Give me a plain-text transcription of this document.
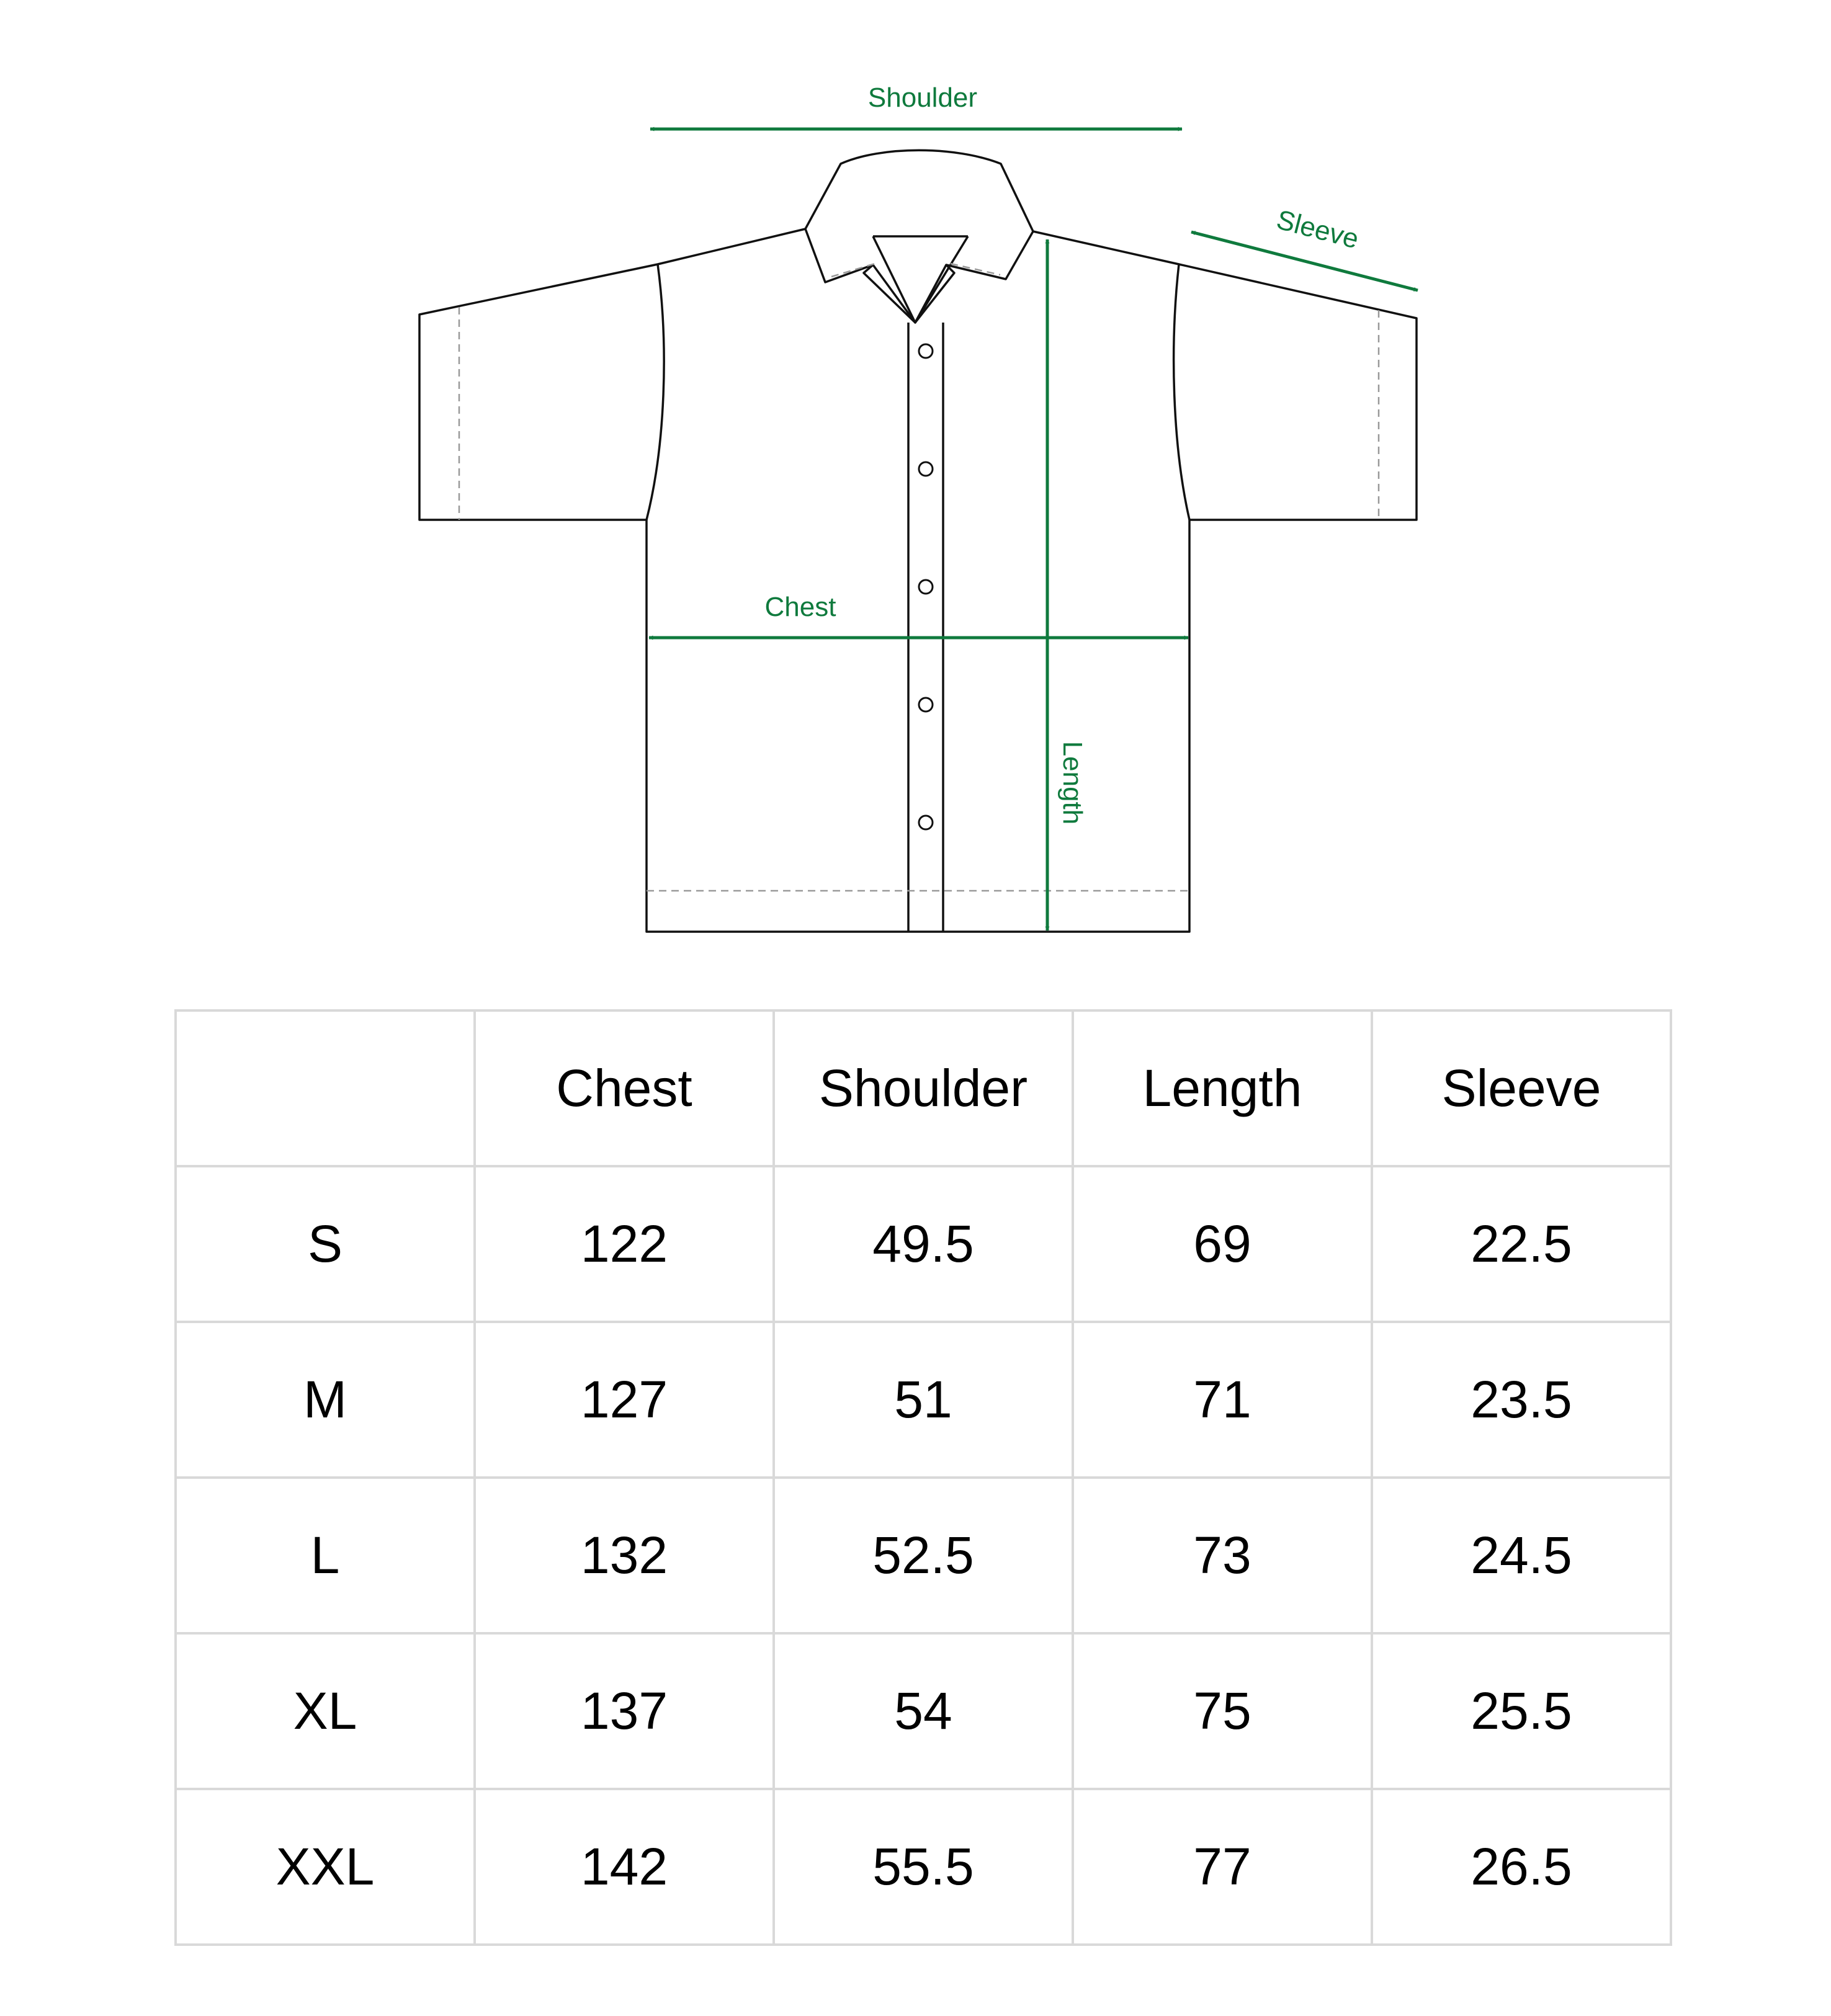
Shoulder
Sleeve
Chest
Length
	Chest	Shoulder	Length	Sleeve
S	122	49.5	69	22.5
M	127	51	71	23.5
L	132	52.5	73	24.5
XL	137	54	75	25.5
XXL	142	55.5	77	26.5
